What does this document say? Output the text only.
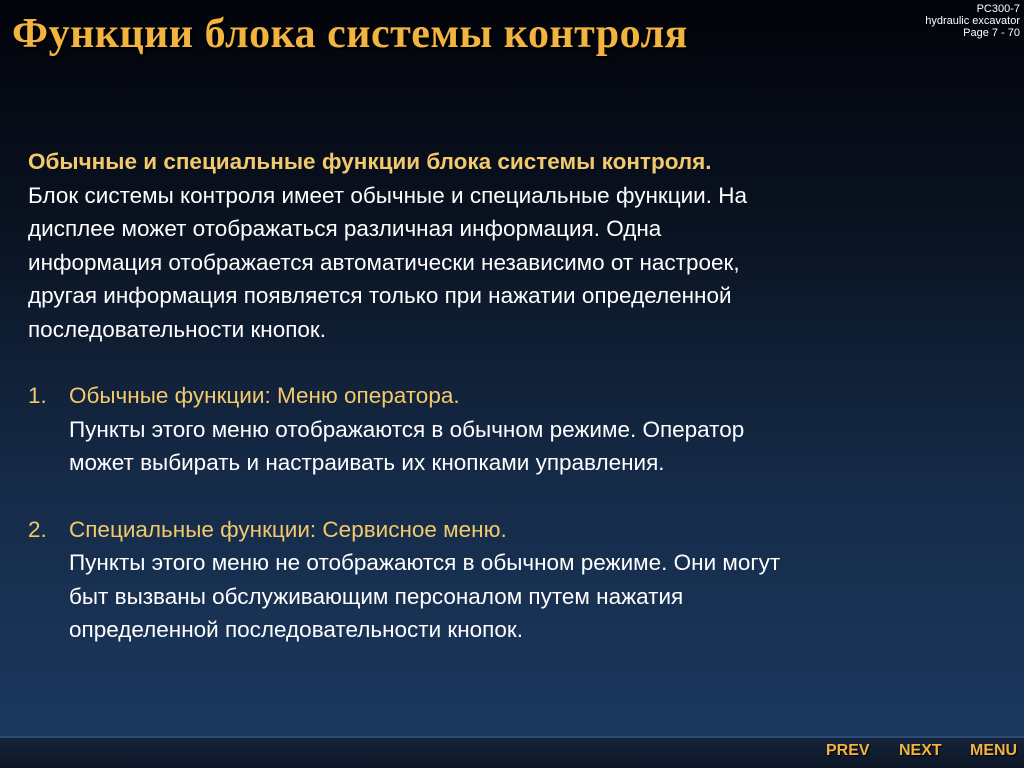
Функции блока системы контроля
PC300-7
hydraulic excavator
Page 7 - 70
Обычные и специальные функции блока системы контроля.
Блок системы контроля имеет обычные и специальные функции. На
дисплее может отображаться различная информация. Одна
информация отображается автоматически независимо от настроек,
другая информация появляется только при нажатии определенной
последовательности кнопок.
1. Обычные функции: Меню оператора.
Пункты этого меню отображаются в обычном режиме. Оператор
может выбирать и настраивать их кнопками управления.
2. Специальные функции: Сервисное меню.
Пункты этого меню не отображаются в обычном режиме. Они могут
быт вызваны обслуживающим персоналом путем нажатия
определенной последовательности кнопок.
PREV NEXT MENU
